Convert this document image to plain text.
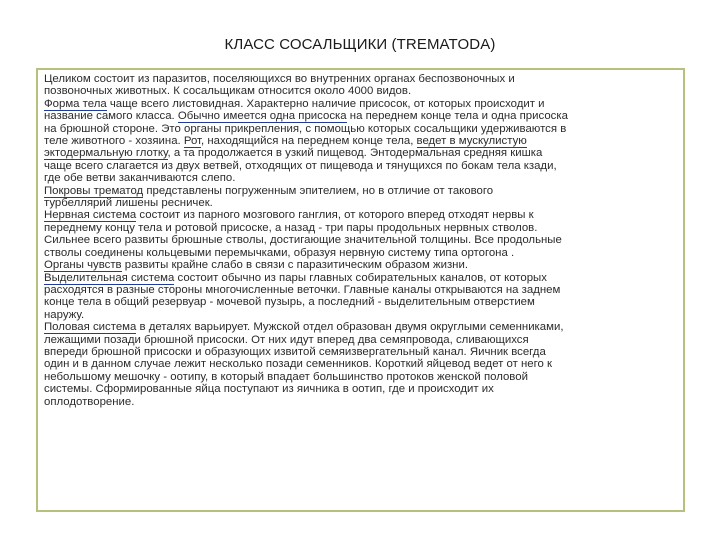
КЛАСС СОСАЛЬЩИКИ (TREMATODA)

Целиком состоит из паразитов, поселяющихся во внутренних органах беспозвоночных и
позвоночных животных. К сосальщикам относится около 4000 видов.

Форма тела чаще всего листовидная. Характерно наличие присосок, от которых происходит и
название самого класса. Обычно имеется одна присоска на переднем конце тела и одна присоска
на брюшной стороне. Это органы прикрепления, с помощью которых сосальщики удерживаются в
теле животного - хозяина. Рот, находящийся на переднем конце тела, ведет в мускулистую
эктодермальную глотку, а та продолжается в узкий пищевод. Энтодермальная средняя кишка
чаще всего слагается из двух ветвей, отходящих от пищевода и тянущихся по бокам тела кзади,
где обе ветви заканчиваются слепо.

Покровы трематод представлены погруженным эпителием, но в отличие от такового
турбеллярий лишены ресничек.

Нервная система состоит из парного мозгового ганглия, от которого вперед отходят нервы к
переднему концу тела и ротовой присоске, а назад - три пары продольных нервных стволов.
Сильнее всего развиты брюшные стволы, достигающие значительной толщины. Все продольные
стволы соединены кольцевыми перемычками, образуя нервную систему типа ортогона .

Органы чувств развиты крайне слабо в связи с паразитическим образом жизни.

Выделительная система состоит обычно из пары главных собирательных каналов, от которых
расходятся в разные стороны многочисленные веточки. Главные каналы открываются на заднем
конце тела в общий резервуар - мочевой пузырь, а последний - выделительным отверстием
наружу.

Половая система в деталях варьирует. Мужской отдел образован двумя округлыми семенниками,
лежащими позади брюшной присоски. От них идут вперед два семяпровода, сливающихся
впереди брюшной присоски и образующих извитой семяизвергательный канал. Яичник всегда
один и в данном случае лежит несколько позади семенников. Короткий яйцевод ведет от него к
небольшому мешочку - оотипу, в который впадает большинство протоков женской половой
системы. Сформированные яйца поступают из яичника в оотип, где и происходит их
оплодотворение.
